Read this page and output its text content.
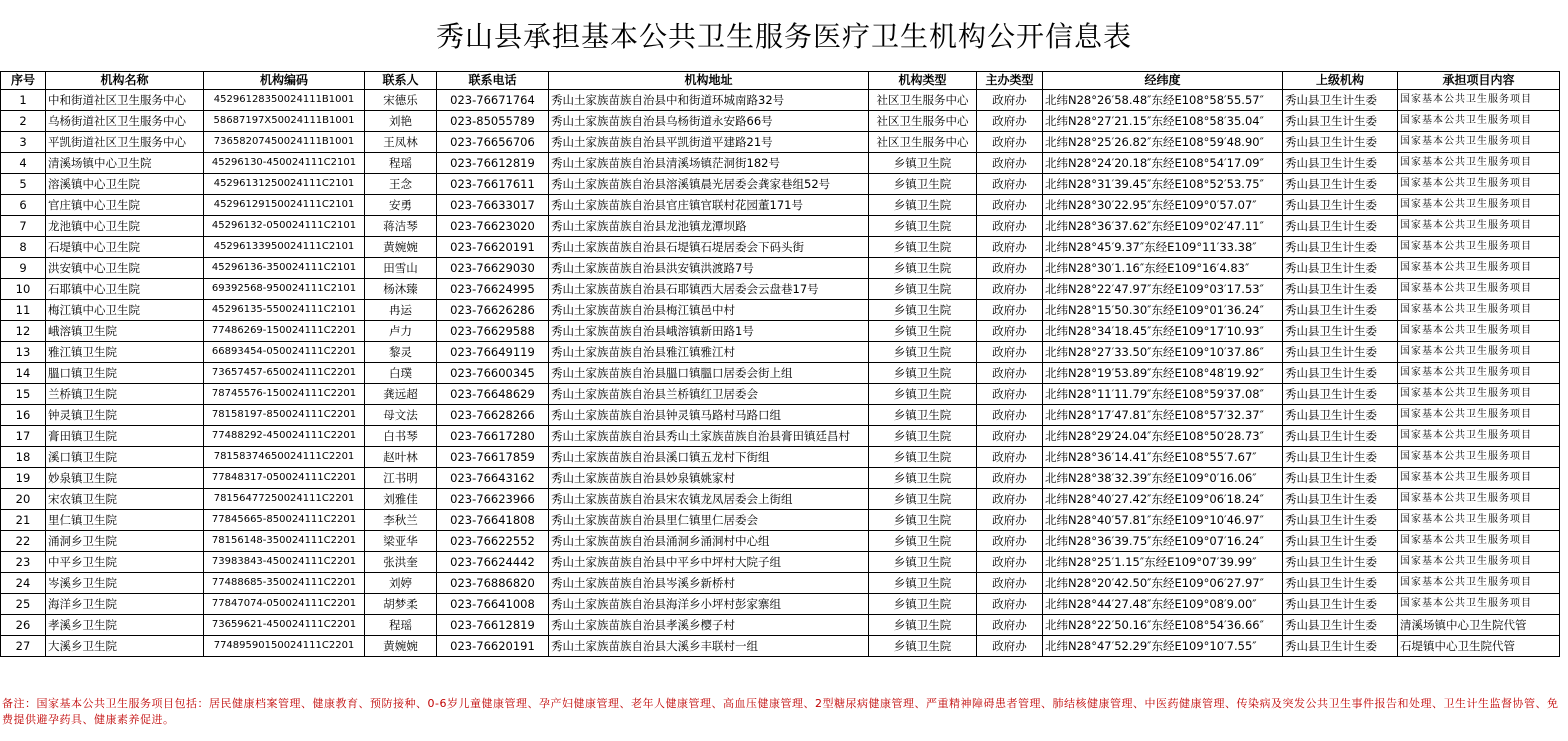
秀山县承担基本公共卫生服务医疗卫生机构公开信息表
序号	机构名称	机构编码	联系人	联系电话	机构地址	机构类型	主办类型	经纬度	上级机构	承担项目内容
1	中和街道社区卫生服务中心	45296128350024111B1001	宋德乐	023-76671764	秀山土家族苗族自治县中和街道环城南路32号	社区卫生服务中心	政府办	北纬N28°26′58.48″东经E108°58′55.57″	秀山县卫生计生委	国家基本公共卫生服务项目
2	乌杨街道社区卫生服务中心	58687197X50024111B1001	刘艳	023-85055789	秀山土家族苗族自治县乌杨街道永安路66号	社区卫生服务中心	政府办	北纬N28°27′21.15″东经E108°58′35.04″	秀山县卫生计生委	国家基本公共卫生服务项目
3	平凯街道社区卫生服务中心	73658207450024111B1001	王凤林	023-76656706	秀山土家族苗族自治县平凯街道平建路21号	社区卫生服务中心	政府办	北纬N28°25′26.82″东经E108°59′48.90″	秀山县卫生计生委	国家基本公共卫生服务项目
4	清溪场镇中心卫生院	45296130-450024111C2101	程瑶	023-76612819	秀山土家族苗族自治县清溪场镇茫洞街182号	乡镇卫生院	政府办	北纬N28°24′20.18″东经E108°54′17.09″	秀山县卫生计生委	国家基本公共卫生服务项目
5	溶溪镇中心卫生院	45296131250024111C2101	王念	023-76617611	秀山土家族苗族自治县溶溪镇晨光居委会龚家巷组52号	乡镇卫生院	政府办	北纬N28°31′39.45″东经E108°52′53.75″	秀山县卫生计生委	国家基本公共卫生服务项目
6	官庄镇中心卫生院	45296129150024111C2101	安勇	023-76633017	秀山土家族苗族自治县官庄镇官联村花园董171号	乡镇卫生院	政府办	北纬N28°30′22.95″东经E109°0′57.07″	秀山县卫生计生委	国家基本公共卫生服务项目
7	龙池镇中心卫生院	45296132-050024111C2101	蒋洁琴	023-76623020	秀山土家族苗族自治县龙池镇龙潭坝路	乡镇卫生院	政府办	北纬N28°36′37.62″东经E109°02′47.11″	秀山县卫生计生委	国家基本公共卫生服务项目
8	石堤镇中心卫生院	45296133950024111C2101	黄婉婉	023-76620191	秀山土家族苗族自治县石堤镇石堤居委会下码头街	乡镇卫生院	政府办	北纬N28°45′9.37″东经E109°11′33.38″	秀山县卫生计生委	国家基本公共卫生服务项目
9	洪安镇中心卫生院	45296136-350024111C2101	田雪山	023-76629030	秀山土家族苗族自治县洪安镇洪渡路7号	乡镇卫生院	政府办	北纬N28°30′1.16″东经E109°16′4.83″	秀山县卫生计生委	国家基本公共卫生服务项目
10	石耶镇中心卫生院	69392568-950024111C2101	杨沐臻	023-76624995	秀山土家族苗族自治县石耶镇西大居委会云盘巷17号	乡镇卫生院	政府办	北纬N28°22′47.97″东经E109°03′17.53″	秀山县卫生计生委	国家基本公共卫生服务项目
11	梅江镇中心卫生院	45296135-550024111C2101	冉运	023-76626286	秀山土家族苗族自治县梅江镇邑中村	乡镇卫生院	政府办	北纬N28°15′50.30″东经E109°01′36.24″	秀山县卫生计生委	国家基本公共卫生服务项目
12	峨溶镇卫生院	77486269-150024111C2201	卢力	023-76629588	秀山土家族苗族自治县峨溶镇新田路1号	乡镇卫生院	政府办	北纬N28°34′18.45″东经E109°17′10.93″	秀山县卫生计生委	国家基本公共卫生服务项目
13	雅江镇卫生院	66893454-050024111C2201	黎灵	023-76649119	秀山土家族苗族自治县雅江镇雅江村	乡镇卫生院	政府办	北纬N28°27′33.50″东经E109°10′37.86″	秀山县卫生计生委	国家基本公共卫生服务项目
14	膃口镇卫生院	73657457-650024111C2201	白璞	023-76600345	秀山土家族苗族自治县膃口镇膃口居委会街上组	乡镇卫生院	政府办	北纬N28°19′53.89″东经E108°48′19.92″	秀山县卫生计生委	国家基本公共卫生服务项目
15	兰桥镇卫生院	78745576-150024111C2201	龚远超	023-76648629	秀山土家族苗族自治县兰桥镇红卫居委会	乡镇卫生院	政府办	北纬N28°11′11.79″东经E108°59′37.08″	秀山县卫生计生委	国家基本公共卫生服务项目
16	钟灵镇卫生院	78158197-850024111C2201	母文法	023-76628266	秀山土家族苗族自治县钟灵镇马路村马路口组	乡镇卫生院	政府办	北纬N28°17′47.81″东经E108°57′32.37″	秀山县卫生计生委	国家基本公共卫生服务项目
17	膏田镇卫生院	77488292-450024111C2201	白书琴	023-76617280	秀山土家族苗族自治县秀山土家族苗族自治县膏田镇廷昌村	乡镇卫生院	政府办	北纬N28°29′24.04″东经E108°50′28.73″	秀山县卫生计生委	国家基本公共卫生服务项目
18	溪口镇卫生院	78158374650024111C2201	赵叶林	023-76617859	秀山土家族苗族自治县溪口镇五龙村下街组	乡镇卫生院	政府办	北纬N28°36′14.41″东经E108°55′7.67″	秀山县卫生计生委	国家基本公共卫生服务项目
19	妙泉镇卫生院	77848317-050024111C2201	江书明	023-76643162	秀山土家族苗族自治县妙泉镇姚家村	乡镇卫生院	政府办	北纬N28°38′32.39″东经E109°0′16.06″	秀山县卫生计生委	国家基本公共卫生服务项目
20	宋农镇卫生院	78156477250024111C2201	刘雅佳	023-76623966	秀山土家族苗族自治县宋农镇龙凤居委会上街组	乡镇卫生院	政府办	北纬N28°40′27.42″东经E109°06′18.24″	秀山县卫生计生委	国家基本公共卫生服务项目
21	里仁镇卫生院	77845665-850024111C2201	李秋兰	023-76641808	秀山土家族苗族自治县里仁镇里仁居委会	乡镇卫生院	政府办	北纬N28°40′57.81″东经E109°10′46.97″	秀山县卫生计生委	国家基本公共卫生服务项目
22	涌洞乡卫生院	78156148-350024111C2201	梁亚华	023-76622552	秀山土家族苗族自治县涌洞乡涌洞村中心组	乡镇卫生院	政府办	北纬N28°36′39.75″东经E109°07′16.24″	秀山县卫生计生委	国家基本公共卫生服务项目
23	中平乡卫生院	73983843-450024111C2201	张洪奎	023-76624442	秀山土家族苗族自治县中平乡中坪村大院子组	乡镇卫生院	政府办	北纬N28°25′1.15″东经E109°07′39.99″	秀山县卫生计生委	国家基本公共卫生服务项目
24	岑溪乡卫生院	77488685-350024111C2201	刘婷	023-76886820	秀山土家族苗族自治县岑溪乡新桥村	乡镇卫生院	政府办	北纬N28°20′42.50″东经E109°06′27.97″	秀山县卫生计生委	国家基本公共卫生服务项目
25	海洋乡卫生院	77847074-050024111C2201	胡梦柔	023-76641008	秀山土家族苗族自治县海洋乡小坪村彭家寨组	乡镇卫生院	政府办	北纬N28°44′27.48″东经E109°08′9.00″	秀山县卫生计生委	国家基本公共卫生服务项目
26	孝溪乡卫生院	73659621-450024111C2201	程瑶	023-76612819	秀山土家族苗族自治县孝溪乡樱子村	乡镇卫生院	政府办	北纬N28°22′50.16″东经E108°54′36.66″	秀山县卫生计生委	清溪场镇中心卫生院代管
27	大溪乡卫生院	77489590150024111C2201	黄婉婉	023-76620191	秀山土家族苗族自治县大溪乡丰联村一组	乡镇卫生院	政府办	北纬N28°47′52.29″东经E109°10′7.55″	秀山县卫生计生委	石堤镇中心卫生院代管
备注：国家基本公共卫生服务项目包括：居民健康档案管理、健康教育、预防接种、0-6岁儿童健康管理、孕产妇健康管理、老年人健康管理、高血压健康管理、2型糖尿病健康管理、严重精神障碍患者管理、肺结核健康管理、中医药健康管理、传染病及突发公共卫生事件报告和处理、卫生计生监督协管、免费提供避孕药具、健康素养促进。
